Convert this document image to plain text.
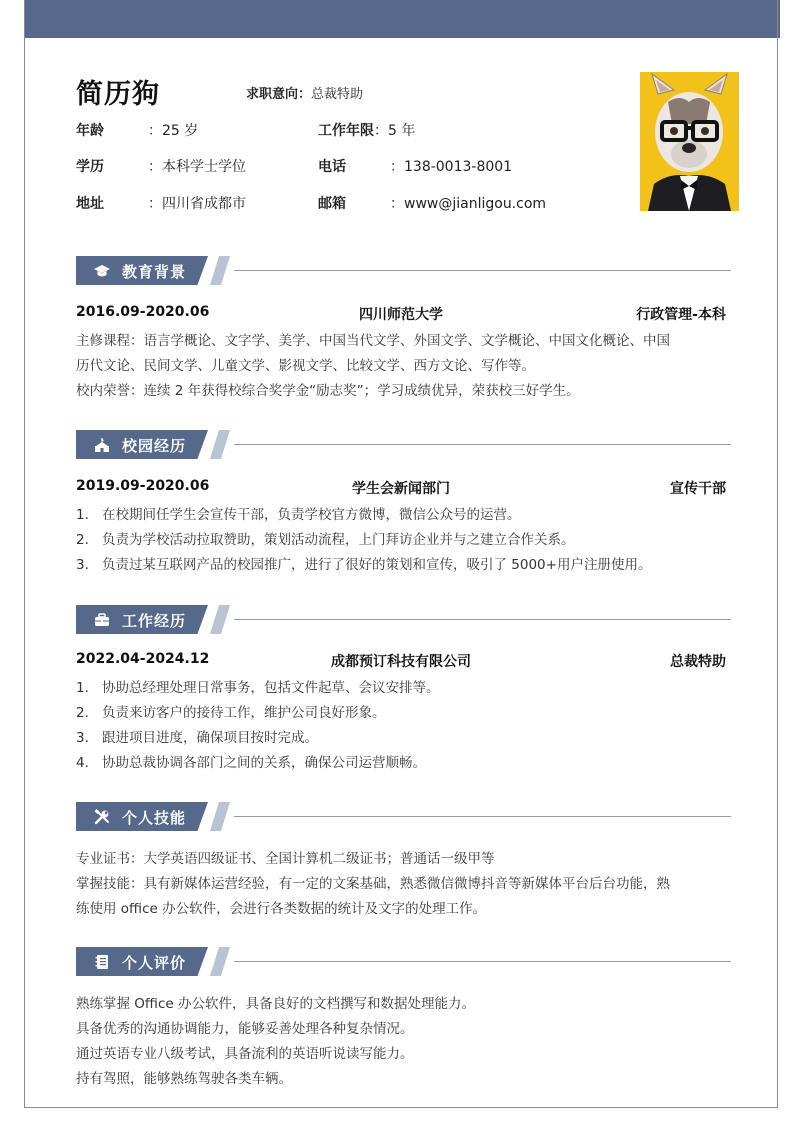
简历狗	求职意向：总裁特助
年龄	：25 岁	工作年限：5 年
学历	：本科学士学位	电话	：138-0013-8001
地址	：四川省成都市	邮箱	：www@jianligou.com
教育背景
2016.09-2020.06	四川师范大学	行政管理-本科
主修课程：语言学概论、文字学、美学、中国当代文学、外国文学、文学概论、中国文化概论、中国
历代文论、民间文学、儿童文学、影视文学、比较文学、西方文论、写作等。
校内荣誉：连续 2 年获得校综合奖学金“励志奖”；学习成绩优异，荣获校三好学生。
校园经历
2019.09-2020.06	学生会新闻部门	宣传干部
1. 在校期间任学生会宣传干部，负责学校官方微博，微信公众号的运营。
2. 负责为学校活动拉取赞助，策划活动流程，上门拜访企业并与之建立合作关系。
3. 负责过某互联网产品的校园推广，进行了很好的策划和宣传，吸引了 5000+用户注册使用。
工作经历
2022.04-2024.12	成都预订科技有限公司	总裁特助
1. 协助总经理处理日常事务，包括文件起草、会议安排等。
2. 负责来访客户的接待工作，维护公司良好形象。
3. 跟进项目进度，确保项目按时完成。
4. 协助总裁协调各部门之间的关系，确保公司运营顺畅。
个人技能
专业证书：大学英语四级证书、全国计算机二级证书；普通话一级甲等
掌握技能：具有新媒体运营经验，有一定的文案基础，熟悉微信微博抖音等新媒体平台后台功能，熟
练使用 office 办公软件，会进行各类数据的统计及文字的处理工作。
个人评价
熟练掌握 Office 办公软件，具备良好的文档撰写和数据处理能力。
具备优秀的沟通协调能力，能够妥善处理各种复杂情况。
通过英语专业八级考试，具备流利的英语听说读写能力。
持有驾照，能够熟练驾驶各类车辆。
